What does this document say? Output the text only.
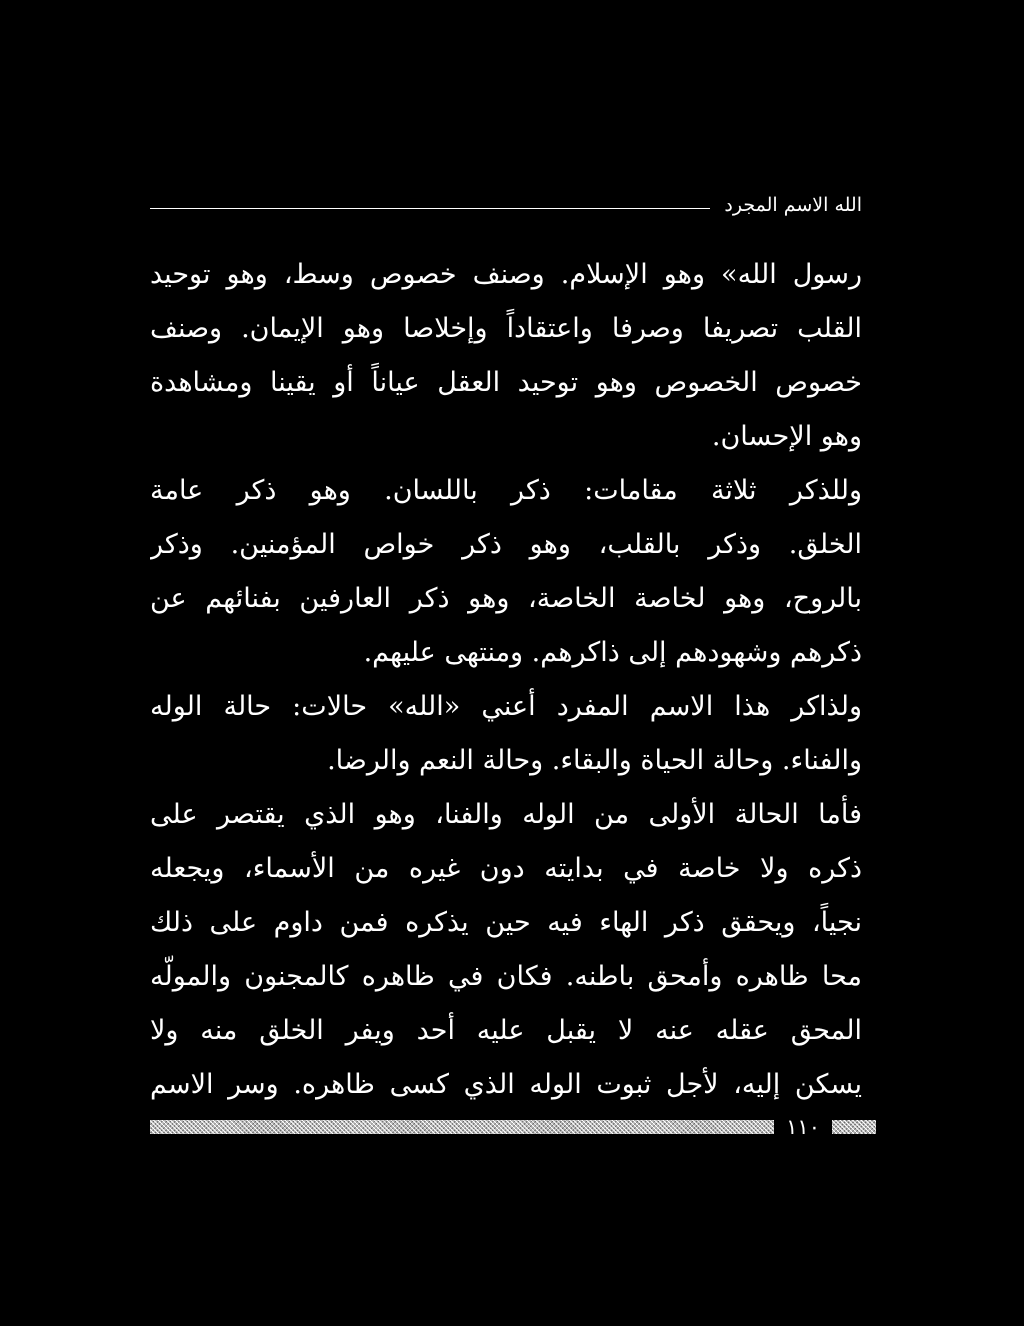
الله الاسم المجرد
رسول الله» وهو الإسلام. وصنف خصوص وسط، وهو توحيد
القلب تصريفا وصرفا واعتقاداً وإخلاصا وهو الإيمان. وصنف
خصوص الخصوص وهو توحيد العقل عياناً أو يقينا ومشاهدة
وهو الإحسان.
وللذكر ثلاثة مقامات: ذكر باللسان. وهو ذكر عامة
الخلق. وذكر بالقلب، وهو ذكر خواص المؤمنين. وذكر
بالروح، وهو لخاصة الخاصة، وهو ذكر العارفين بفنائهم عن
ذكرهم وشهودهم إلى ذاكرهم. ومنتهى عليهم.
ولذاكر هذا الاسم المفرد أعني «الله» حالات: حالة الوله
والفناء. وحالة الحياة والبقاء. وحالة النعم والرضا.
فأما الحالة الأولى من الوله والفنا، وهو الذي يقتصر على
ذكره ولا خاصة في بدايته دون غيره من الأسماء، ويجعله
نجياً، ويحقق ذكر الهاء فيه حين يذكره فمن داوم على ذلك
محا ظاهره وأمحق باطنه. فكان في ظاهره كالمجنون والمولّه
المحق عقله عنه لا يقبل عليه أحد ويفر الخلق منه ولا
يسكن إليه، لأجل ثبوت الوله الذي كسى ظاهره. وسر الاسم
١١٠
